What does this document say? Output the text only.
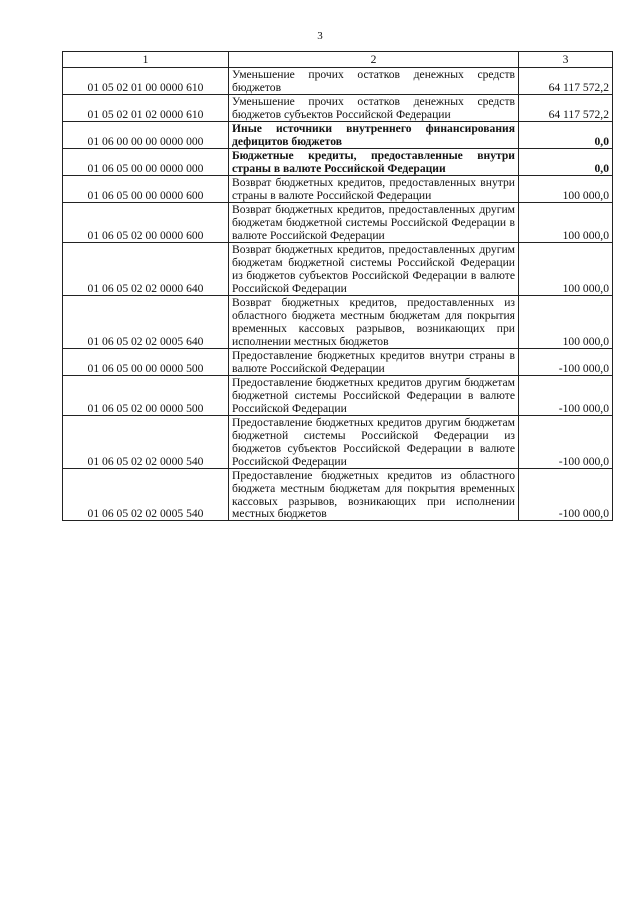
3
1	2	3
01 05 02 01 00 0000 610	Уменьшение прочих остатков денежных средств бюджетов	64 117 572,2
01 05 02 01 02 0000 610	Уменьшение прочих остатков денежных средств бюджетов субъектов Российской Федерации	64 117 572,2
01 06 00 00 00 0000 000	Иные источники внутреннего финансирования дефицитов бюджетов	0,0
01 06 05 00 00 0000 000	Бюджетные кредиты, предоставленные внутри страны в валюте Российской Федерации	0,0
01 06 05 00 00 0000 600	Возврат бюджетных кредитов, предоставленных внутри страны в валюте Российской Федерации	100 000,0
01 06 05 02 00 0000 600	Возврат бюджетных кредитов, предоставленных другим бюджетам бюджетной системы Российской Федерации в валюте Российской Федерации	100 000,0
01 06 05 02 02 0000 640	Возврат бюджетных кредитов, предоставленных другим бюджетам бюджетной системы Российской Федерации из бюджетов субъектов Российской Федерации в валюте Российской Федерации	100 000,0
01 06 05 02 02 0005 640	Возврат бюджетных кредитов, предоставленных из областного бюджета местным бюджетам для покрытия временных кассовых разрывов, возникающих при исполнении местных бюджетов	100 000,0
01 06 05 00 00 0000 500	Предоставление бюджетных кредитов внутри страны в валюте Российской Федерации	-100 000,0
01 06 05 02 00 0000 500	Предоставление бюджетных кредитов другим бюджетам бюджетной системы Российской Федерации в валюте Российской Федерации	-100 000,0
01 06 05 02 02 0000 540	Предоставление бюджетных кредитов другим бюджетам бюджетной системы Российской Федерации из бюджетов субъектов Российской Федерации в валюте Российской Федерации	-100 000,0
01 06 05 02 02 0005 540	Предоставление бюджетных кредитов из областного бюджета местным бюджетам для покрытия временных кассовых разрывов, возникающих при исполнении местных бюджетов	-100 000,0
